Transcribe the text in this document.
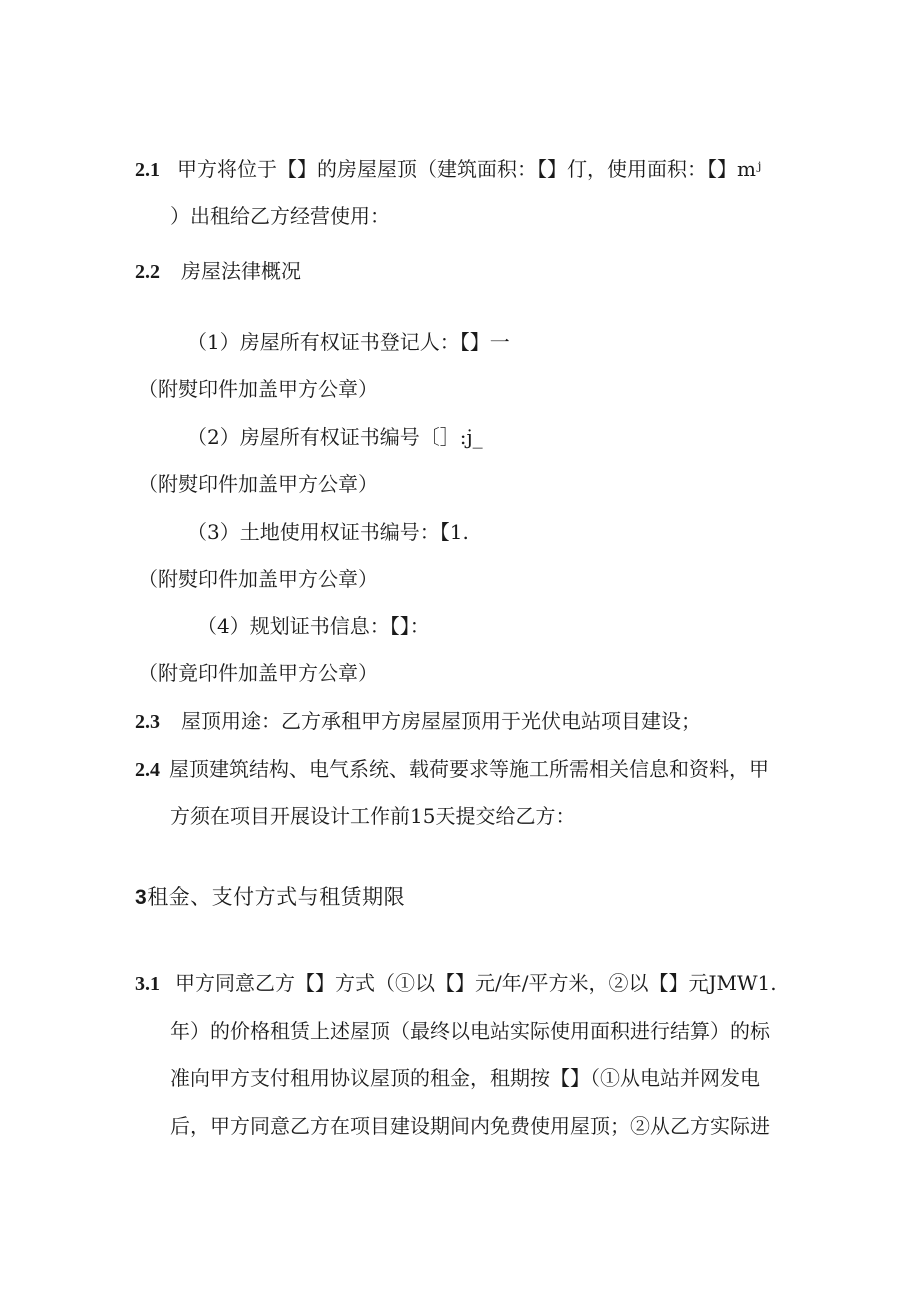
2.1 甲方将位于【】的房屋屋顶（建筑面积：【】仃，使用面积：【】mʲ
）出租给乙方经营使用：
2.2 房屋法律概况
（1）房屋所有权证书登记人：【】一
（附熨印件加盖甲方公章）
（2）房屋所有权证书编号〔］:j_
（附熨印件加盖甲方公章）
（3）土地使用权证书编号：【1.
（附熨印件加盖甲方公章）
（4）规划证书信息：【】：
（附竟印件加盖甲方公章）
2.3 屋顶用途：乙方承租甲方房屋屋顶用于光伏电站项目建设；
2.4 屋顶建筑结构、电气系统、载荷要求等施工所需相关信息和资料，甲
方须在项目开展设计工作前15天提交给乙方：
3租金、支付方式与租赁期限
3.1 甲方同意乙方【】方式（①以【】元/年/平方米，②以【】元JMW1.
年）的价格租赁上述屋顶（最终以电站实际使用面积进行结算）的标
准向甲方支付租用协议屋顶的租金，租期按【】（①从电站并网发电
后，甲方同意乙方在项目建设期间内免费使用屋顶；②从乙方实际进
